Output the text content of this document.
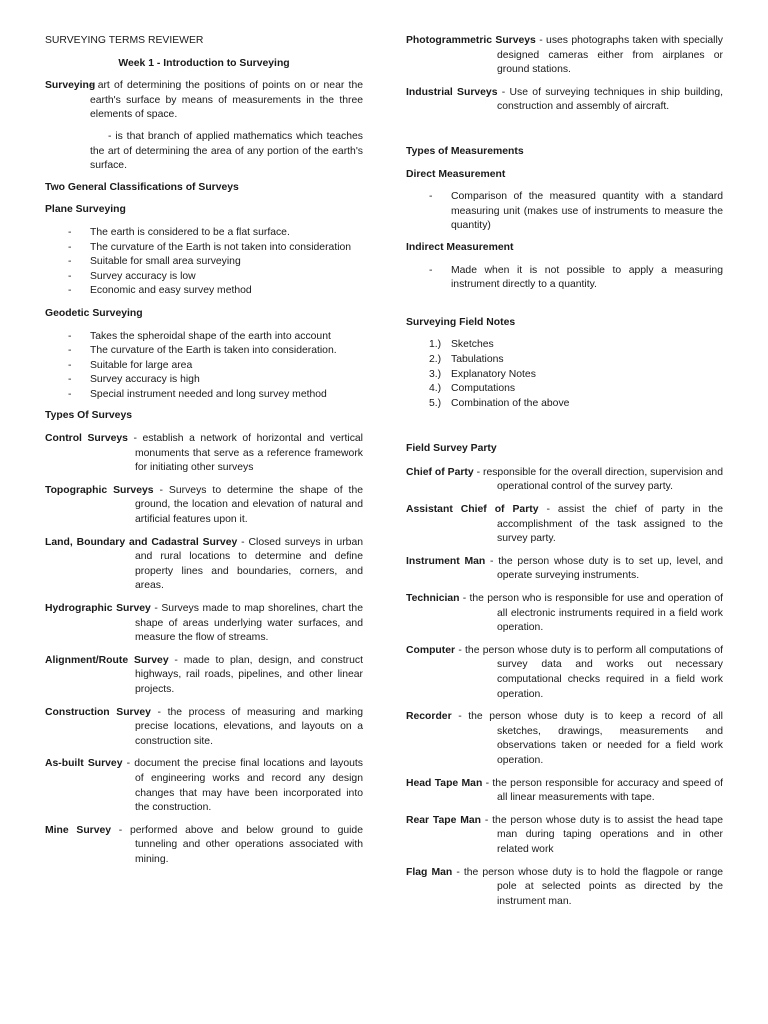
SURVEYING TERMS REVIEWER

Week 1 - Introduction to Surveying

Surveying
- art of determining the positions of points on or near the earth's surface by means of measurements in the three elements of space.

- is that branch of applied mathematics which teaches the art of determining the area of any portion of the earth's surface.

Two General Classifications of Surveys

Plane Surveying

- The earth is considered to be a flat surface.
- The curvature of the Earth is not taken into consideration
- Suitable for small area surveying
- Survey accuracy is low
- Economic and easy survey method

Geodetic Surveying

- Takes the spheroidal shape of the earth into account
- The curvature of the Earth is taken into consideration.
- Suitable for large area
- Survey accuracy is high
- Special instrument needed and long survey method

Types Of Surveys

Control Surveys - establish a network of horizontal and vertical monuments that serve as a reference framework for initiating other surveys

Topographic Surveys - Surveys to determine the shape of the ground, the location and elevation of natural and artificial features upon it.

Land, Boundary and Cadastral Survey - Closed surveys in urban and rural locations to determine and define property lines and boundaries, corners, and areas.

Hydrographic Survey - Surveys made to map shorelines, chart the shape of areas underlying water surfaces, and measure the flow of streams.

Alignment/Route Survey - made to plan, design, and construct highways, rail roads, pipelines, and other linear projects.

Construction Survey - the process of measuring and marking precise locations, elevations, and layouts on a construction site.

As-built Survey - document the precise final locations and layouts of engineering works and record any design changes that may have been incorporated into the construction.

Mine Survey - performed above and below ground to guide tunneling and other operations associated with mining.

Photogrammetric Surveys - uses photographs taken with specially designed cameras either from airplanes or ground stations.

Industrial Surveys - Use of surveying techniques in ship building, construction and assembly of aircraft.

Types of Measurements

Direct Measurement

- Comparison of the measured quantity with a standard measuring unit (makes use of instruments to measure the quantity)

Indirect Measurement

- Made when it is not possible to apply a measuring instrument directly to a quantity.

Surveying Field Notes

1.) Sketches
2.) Tabulations
3.) Explanatory Notes
4.) Computations
5.) Combination of the above

Field Survey Party

Chief of Party - responsible for the overall direction, supervision and operational control of the survey party.

Assistant Chief of Party - assist the chief of party in the accomplishment of the task assigned to the survey party.

Instrument Man - the person whose duty is to set up, level, and operate surveying instruments.

Technician - the person who is responsible for use and operation of all electronic instruments required in a field work operation.

Computer - the person whose duty is to perform all computations of survey data and works out necessary computational checks required in a field work operation.

Recorder - the person whose duty is to keep a record of all sketches, drawings, measurements and observations taken or needed for a field work operation.

Head Tape Man - the person responsible for accuracy and speed of all linear measurements with tape.

Rear Tape Man - the person whose duty is to assist the head tape man during taping operations and in other related work

Flag Man - the person whose duty is to hold the flagpole or range pole at selected points as directed by the instrument man.
